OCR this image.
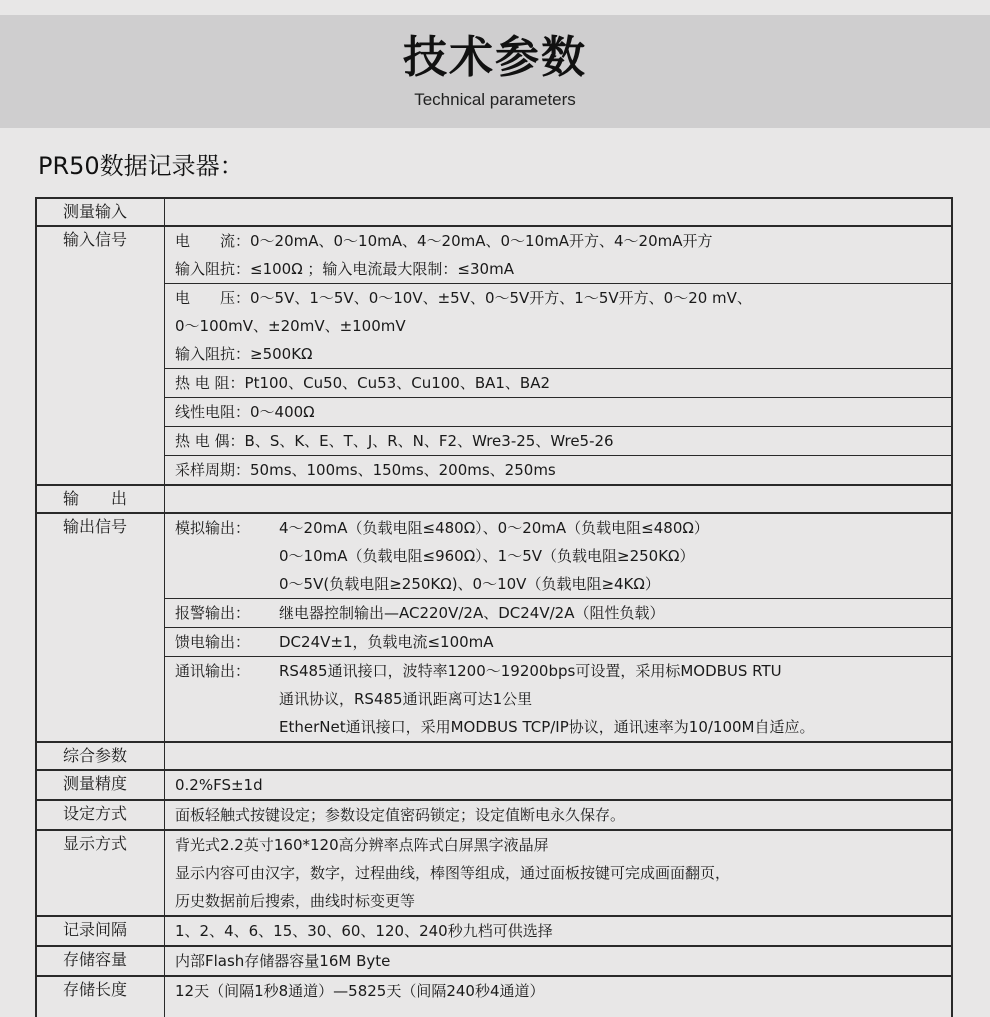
技术参数
Technical parameters
PR50数据记录器：
测量输入
输入信号	电　　流：0～20mA、0～10mA、4～20mA、0～10mA开方、4～20mA开方
输入阻抗：≤100Ω ；输入电流最大限制：≤30mA
电　　压：0～5V、1～5V、0～10V、±5V、0～5V开方、1～5V开方、0～20 mV、
0～100mV、±20mV、±100mV
输入阻抗：≥500KΩ
热 电 阻：Pt100、Cu50、Cu53、Cu100、BA1、BA2
线性电阻：0～400Ω
热 电 偶：B、S、K、E、T、J、R、N、F2、Wre3-25、Wre5-26
采样周期：50ms、100ms、150ms、200ms、250ms
输　　出
输出信号	模拟输出：	4～20mA（负载电阻≤480Ω）、0～20mA（负载电阻≤480Ω）
0～10mA（负载电阻≤960Ω）、1～5V（负载电阻≥250KΩ）
0～5V(负载电阻≥250KΩ)、0～10V（负载电阻≥4KΩ）
报警输出：	继电器控制输出—AC220V/2A、DC24V/2A（阻性负载）
馈电输出：	DC24V±1，负载电流≤100mA
通讯输出：	RS485通讯接口，波特率1200～19200bps可设置，采用标MODBUS RTU
通讯协议，RS485通讯距离可达1公里
EtherNet通讯接口，采用MODBUS TCP/IP协议，通讯速率为10/100M自适应。
综合参数
测量精度	0.2%FS±1d
设定方式	面板轻触式按键设定；参数设定值密码锁定；设定值断电永久保存。
显示方式	背光式2.2英寸160*120高分辨率点阵式白屏黑字液晶屏
显示内容可由汉字，数字，过程曲线，棒图等组成，通过面板按键可完成画面翻页，
历史数据前后搜索，曲线时标变更等
记录间隔	1、2、4、6、15、30、60、120、240秒九档可供选择
存储容量	内部Flash存储器容量16M Byte
存储长度	12天（间隔1秒8通道）—5825天（间隔240秒4通道）
